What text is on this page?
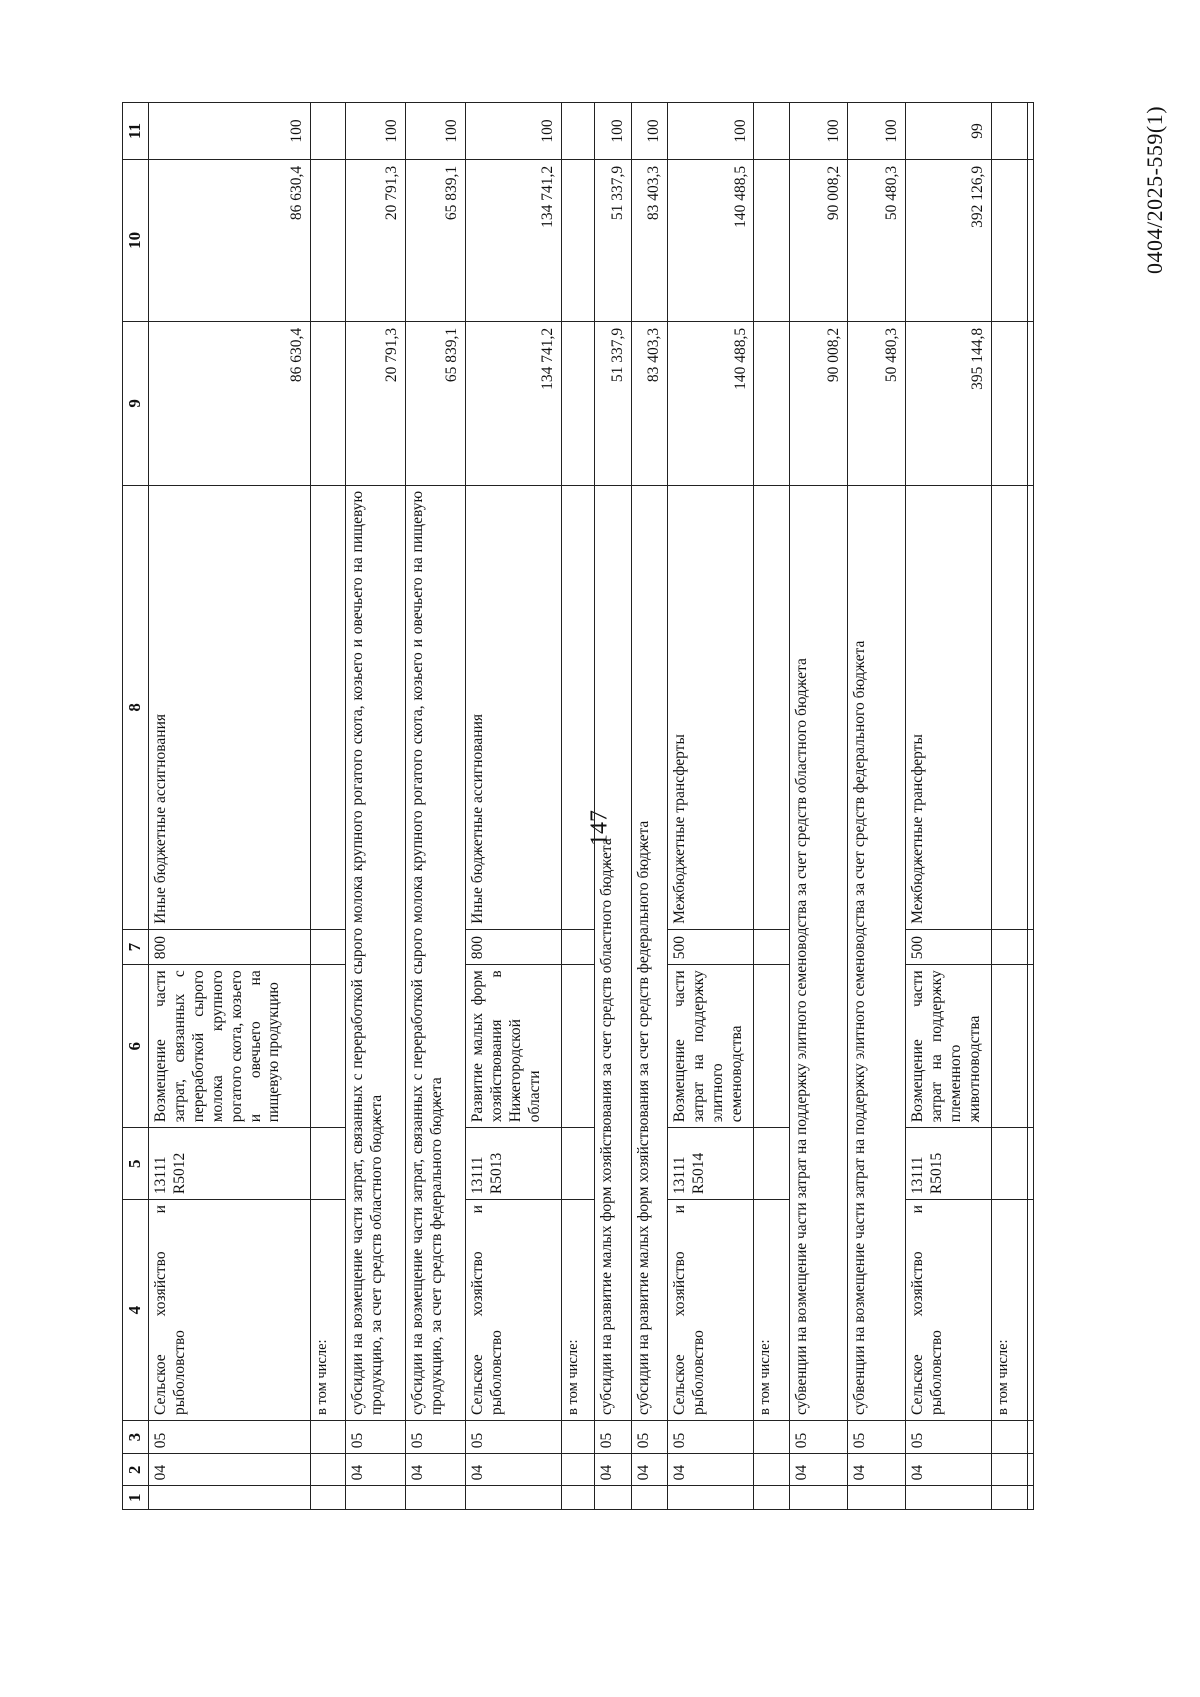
147
0404/2025-559(1)
1	2	3	4	5	6	7	8	9	10	11
	04	05	Сельское хозяйство и рыболовство	13111 R5012	Возмещение части затрат, связанных с переработкой сырого молока крупного рогатого скота, козьего и овечьего на пищевую продукцию	800	Иные бюджетные ассигнования	86 630,4	86 630,4	100
			в том числе:							
	04	05	субсидии на возмещение части затрат, связанных с переработкой сырого молока крупного рогатого скота, козьего и овечьего на пищевую продукцию, за счет средств областного бюджета					20 791,3	20 791,3	100
	04	05	субсидии на возмещение части затрат, связанных с переработкой сырого молока крупного рогатого скота, козьего и овечьего на пищевую продукцию, за счет средств федерального бюджета					65 839,1	65 839,1	100
	04	05	Сельское хозяйство и рыболовство	13111 R5013	Развитие малых форм хозяйствования в Нижегородской области	800	Иные бюджетные ассигнования	134 741,2	134 741,2	100
			в том числе:							
	04	05	субсидии на развитие малых форм хозяйствования за счет средств областного бюджета					51 337,9	51 337,9	100
	04	05	субсидии на развитие малых форм хозяйствования за счет средств федерального бюджета					83 403,3	83 403,3	100
	04	05	Сельское хозяйство и рыболовство	13111 R5014	Возмещение части затрат на поддержку элитного семеноводства	500	Межбюджетные трансферты	140 488,5	140 488,5	100
			в том числе:							
	04	05	субвенции на возмещение части затрат на поддержку элитного семеноводства за счет средств областного бюджета					90 008,2	90 008,2	100
	04	05	субвенции на возмещение части затрат на поддержку элитного семеноводства за счет средств федерального бюджета					50 480,3	50 480,3	100
	04	05	Сельское хозяйство и рыболовство	13111 R5015	Возмещение части затрат на поддержку племенного животноводства	500	Межбюджетные трансферты	395 144,8	392 126,9	99
			в том числе:							
